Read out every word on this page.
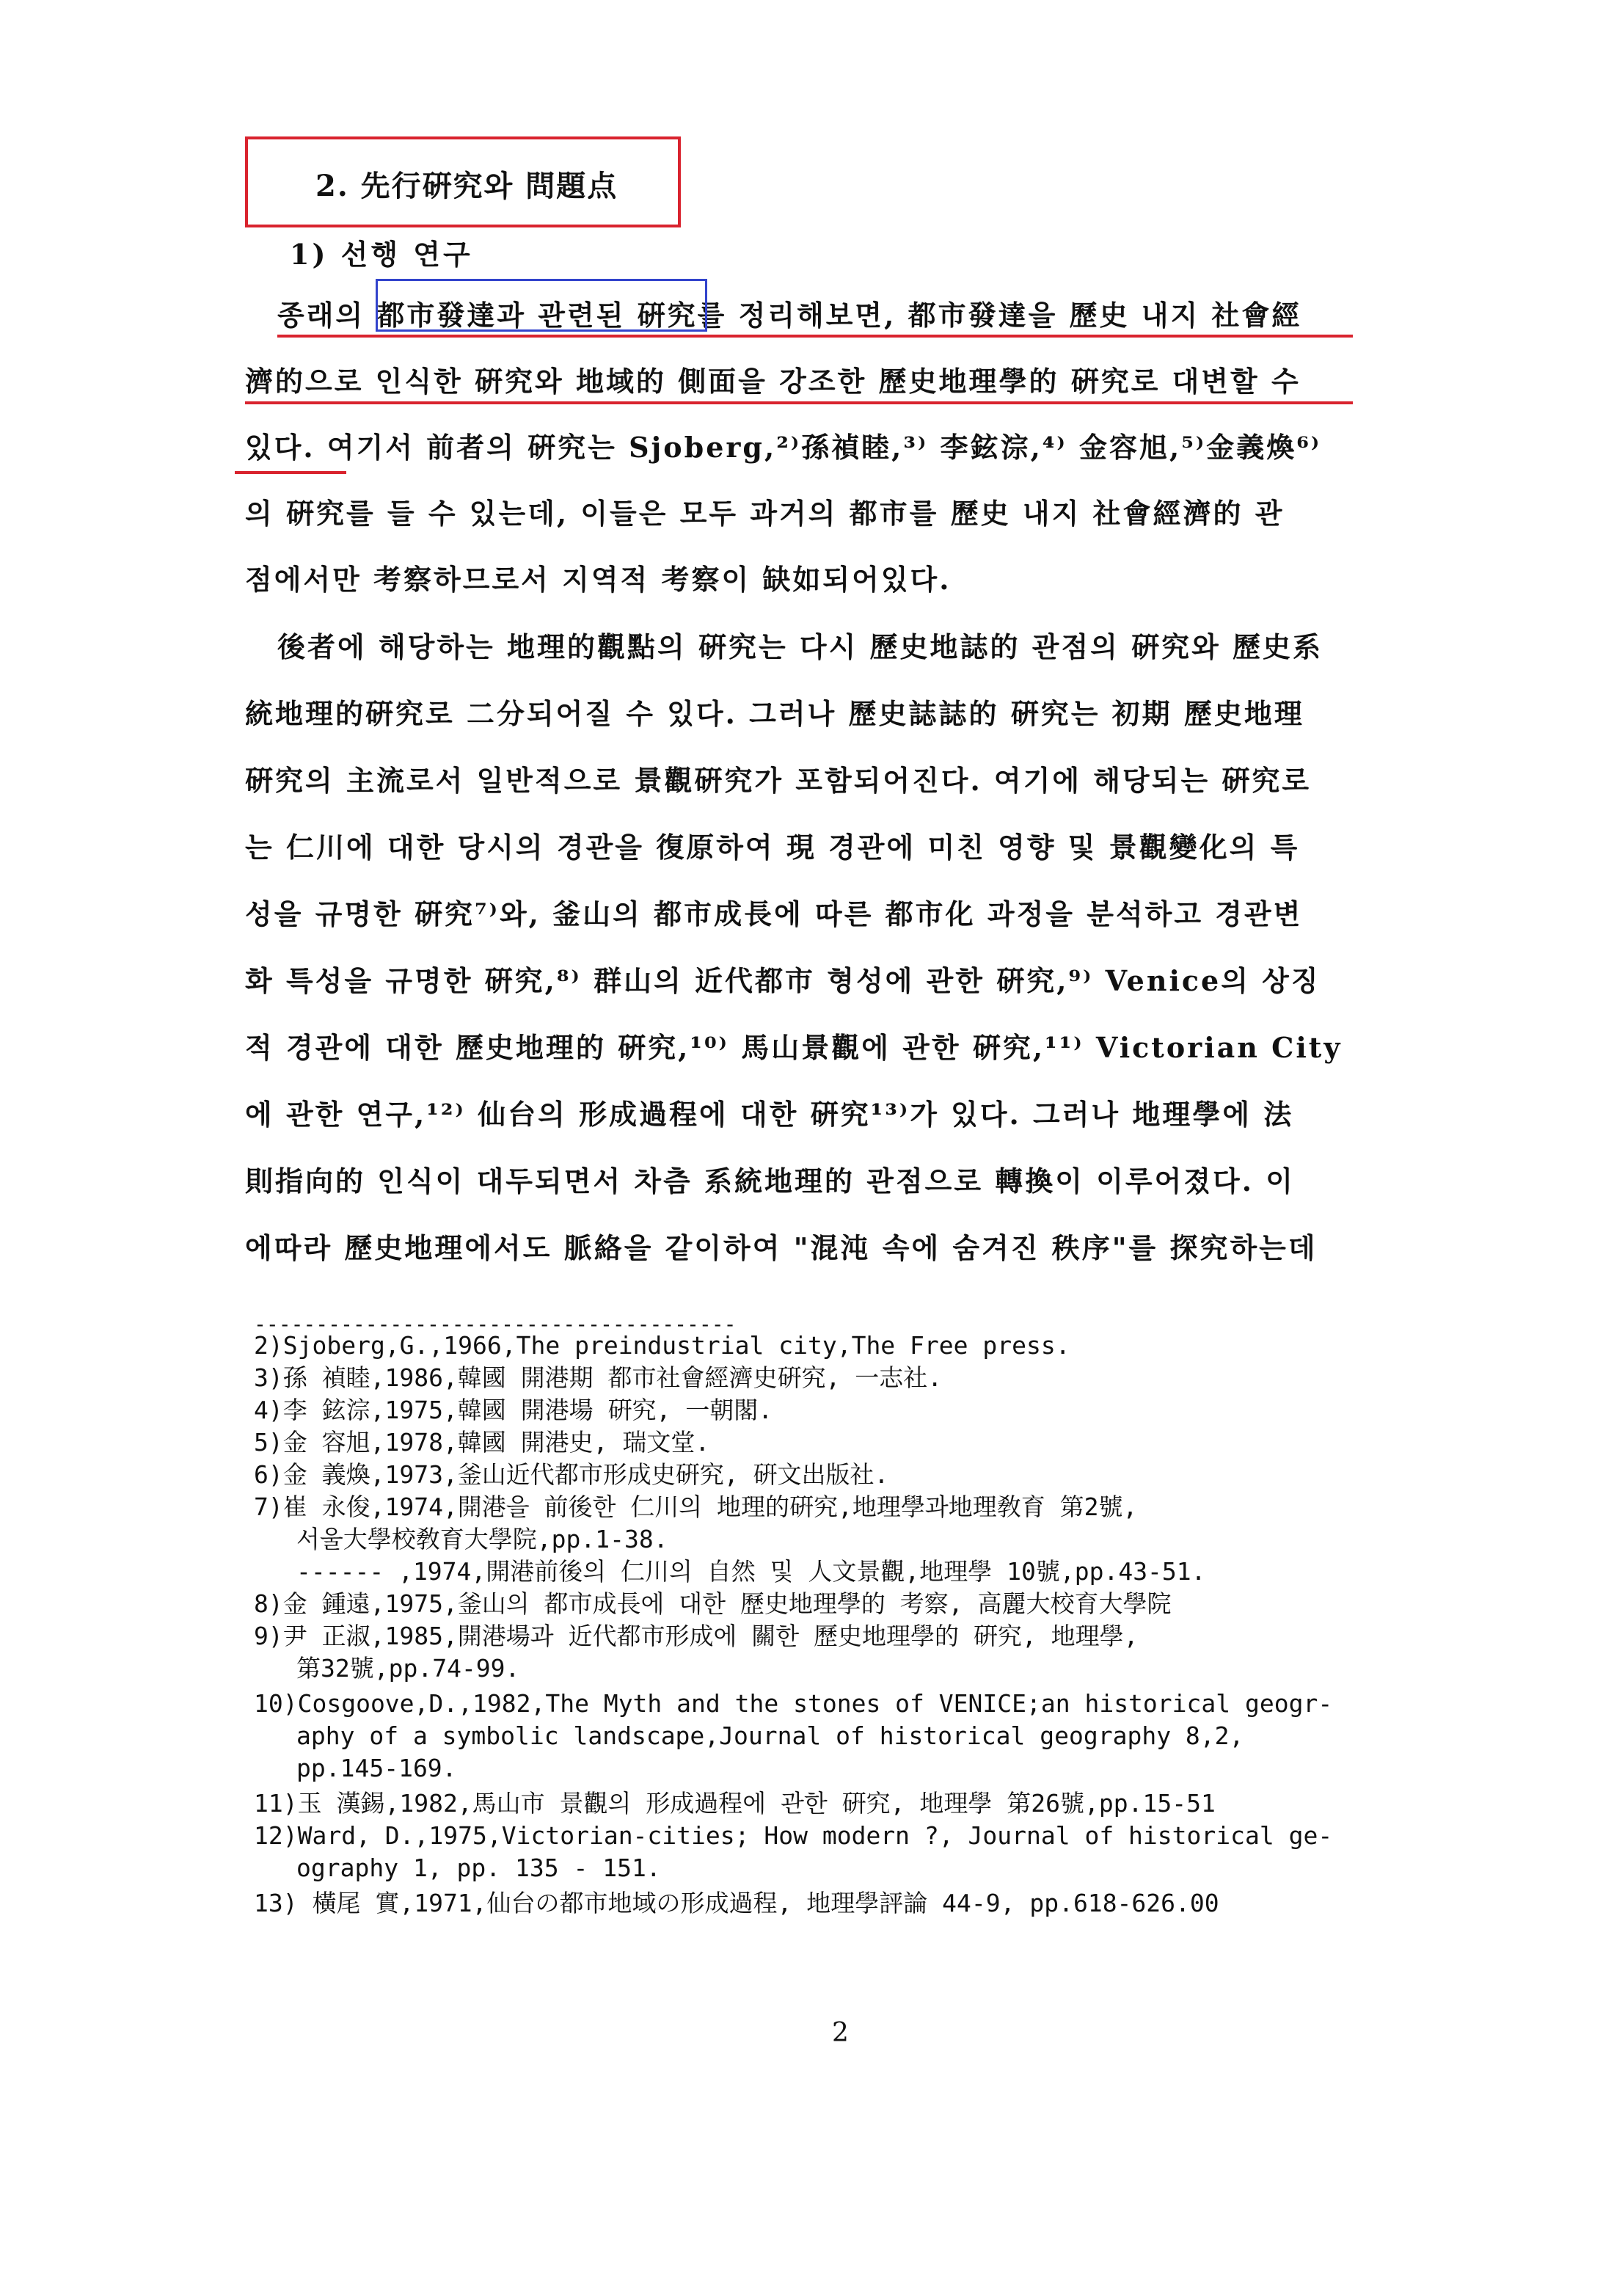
2. 先行硏究와 問題点
1) 선행 연구
종래의 都市發達과 관련된 硏究를 정리해보면, 都市發達을 歷史 내지 社會經
濟的으로 인식한 硏究와 地域的 側面을 강조한 歷史地理學的 硏究로 대변할 수
있다. 여기서 前者의 硏究는 Sjoberg,²⁾孫禎睦,³⁾ 李鉉淙,⁴⁾ 金容旭,⁵⁾金義煥⁶⁾
의 硏究를 들 수 있는데, 이들은 모두 과거의 都市를 歷史 내지 社會經濟的 관
점에서만 考察하므로서 지역적 考察이 缺如되어있다.
後者에 해당하는 地理的觀點의 硏究는 다시 歷史地誌的 관점의 硏究와 歷史系
統地理的硏究로 二分되어질 수 있다. 그러나 歷史誌誌的 硏究는 初期 歷史地理
硏究의 主流로서 일반적으로 景觀硏究가 포함되어진다. 여기에 해당되는 硏究로
는 仁川에 대한 당시의 경관을 復原하여 現 경관에 미친 영향 및 景觀變化의 특
성을 규명한 硏究⁷⁾와, 釜山의 都市成長에 따른 都市化 과정을 분석하고 경관변
화 특성을 규명한 硏究,⁸⁾ 群山의 近代都市 형성에 관한 硏究,⁹⁾ Venice의 상징
적 경관에 대한 歷史地理的 硏究,¹⁰⁾ 馬山景觀에 관한 硏究,¹¹⁾ Victorian City
에 관한 연구,¹²⁾ 仙台의 形成過程에 대한 硏究¹³⁾가 있다. 그러나 地理學에 法
則指向的 인식이 대두되면서 차츰 系統地理的 관점으로 轉換이 이루어졌다. 이
에따라 歷史地理에서도 脈絡을 같이하여 "混沌 속에 숨겨진 秩序"를 探究하는데
---------------------------------------
2)Sjoberg,G.,1966,The preindustrial city,The Free press.
3)孫 禎睦,1986,韓國 開港期 都市社會經濟史硏究, 一志社.
4)李 鉉淙,1975,韓國 開港場 硏究, 一朝閣.
5)金 容旭,1978,韓國 開港史, 瑞文堂.
6)金 義煥,1973,釜山近代都市形成史硏究, 硏文出版社.
7)崔 永俊,1974,開港을 前後한 仁川의 地理的硏究,地理學과地理敎育 第2號,
서울大學校敎育大學院,pp.1-38.
------ ,1974,開港前後의 仁川의 自然 및 人文景觀,地理學 10號,pp.43-51.
8)金 鍾遠,1975,釜山의 都市成長에 대한 歷史地理學的 考察, 高麗大校育大學院
9)尹 正淑,1985,開港場과 近代都市形成에 關한 歷史地理學的 硏究, 地理學,
第32號,pp.74-99.
10)Cosgoove,D.,1982,The Myth and the stones of VENICE;an historical geogr-
aphy of a symbolic landscape,Journal of historical geography 8,2,
pp.145-169.
11)玉 漢錫,1982,馬山市 景觀의 形成過程에 관한 硏究, 地理學 第26號,pp.15-51
12)Ward, D.,1975,Victorian-cities; How modern ?, Journal of historical ge-
ography 1, pp. 135 - 151.
13) 橫尾 實,1971,仙台の都市地域の形成過程, 地理學評論 44-9, pp.618-626.00
2
